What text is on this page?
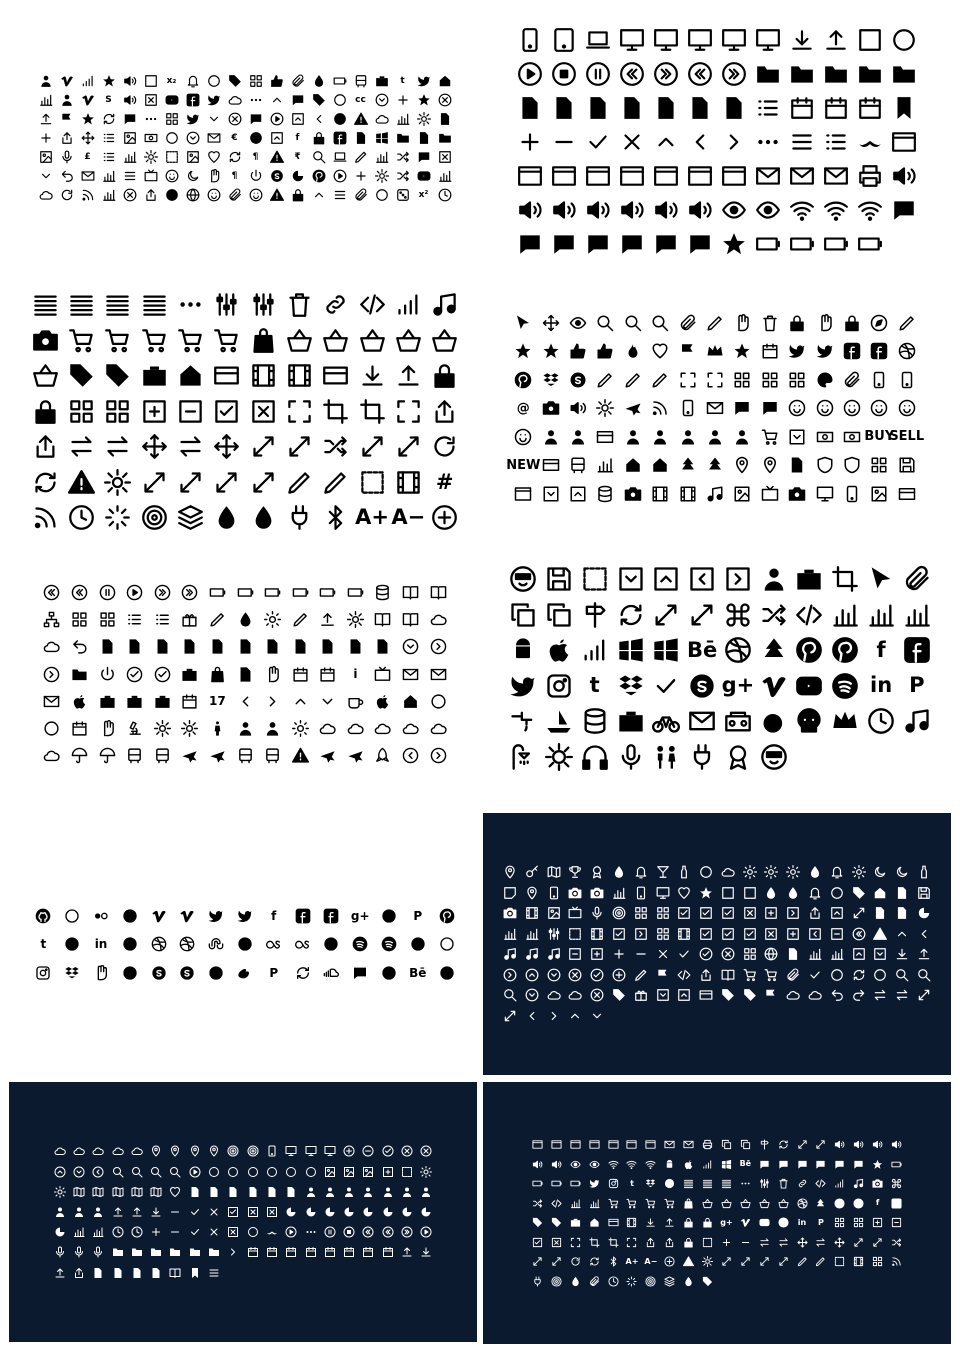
x₂	t
S	cc
€	f
£	¶	₹
¶
x²
#
A+ A−
@
BUY
SELL
NEW
i
17
Bē	f
t	g+	in P
f	g+	P
t	in
P	Bē
Bē
t
f
g+	in	P
A+ A−
